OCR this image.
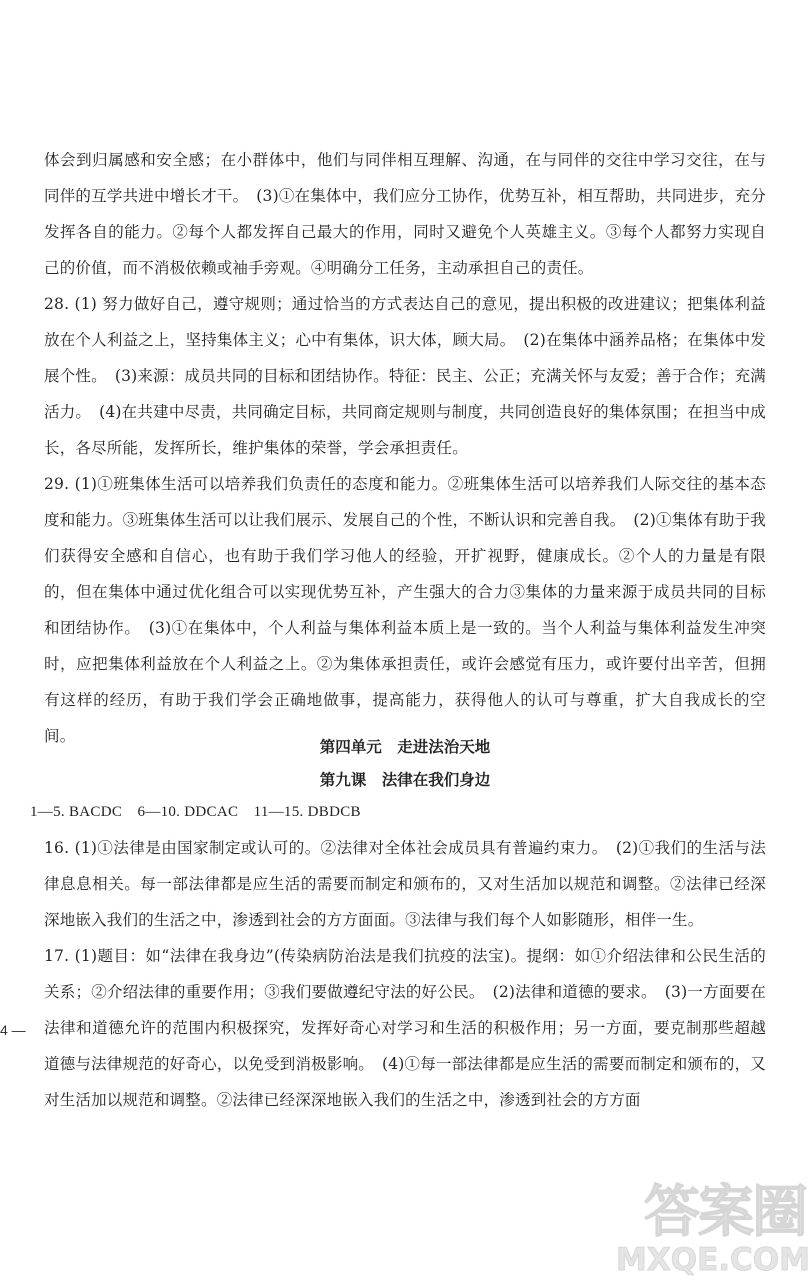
体会到归属感和安全感；在小群体中，他们与同伴相互理解、沟通，在与同伴的交往中学习交往，在与同伴的互学共进中增长才干。　(3)①在集体中，我们应分工协作，优势互补，相互帮助，共同进步，充分发挥各自的能力。②每个人都发挥自己最大的作用，同时又避免个人英雄主义。③每个人都努力实现自己的价值，而不消极依赖或袖手旁观。④明确分工任务，主动承担自己的责任。

28. (1) 努力做好自己，遵守规则；通过恰当的方式表达自己的意见，提出积极的改进建议；把集体利益放在个人利益之上，坚持集体主义；心中有集体，识大体，顾大局。　(2)在集体中涵养品格；在集体中发展个性。　(3)来源：成员共同的目标和团结协作。特征：民主、公正；充满关怀与友爱；善于合作；充满活力。　(4)在共建中尽责，共同确定目标，共同商定规则与制度，共同创造良好的集体氛围；在担当中成长，各尽所能，发挥所长，维护集体的荣誉，学会承担责任。

29. (1)①班集体生活可以培养我们负责任的态度和能力。②班集体生活可以培养我们人际交往的基本态度和能力。③班集体生活可以让我们展示、发展自己的个性，不断认识和完善自我。　(2)①集体有助于我们获得安全感和自信心，也有助于我们学习他人的经验，开扩视野，健康成长。②个人的力量是有限的，但在集体中通过优化组合可以实现优势互补，产生强大的合力③集体的力量来源于成员共同的目标和团结协作。　(3)①在集体中，个人利益与集体利益本质上是一致的。当个人利益与集体利益发生冲突时，应把集体利益放在个人利益之上。②为集体承担责任，或许会感觉有压力，或许要付出辛苦，但拥有这样的经历，有助于我们学会正确地做事，提高能力，获得他人的认可与尊重，扩大自我成长的空间。

第四单元　走进法治天地
第九课　法律在我们身边
1—5. BACDC　6—10. DDCAC　11—15. DBDCB

16. (1)①法律是由国家制定或认可的。②法律对全体社会成员具有普遍约束力。　(2)①我们的生活与法律息息相关。每一部法律都是应生活的需要而制定和颁布的，又对生活加以规范和调整。②法律已经深深地嵌入我们的生活之中，渗透到社会的方方面面。③法律与我们每个人如影随形，相伴一生。

17. (1)题目：如“法律在我身边”(传染病防治法是我们抗疫的法宝)。提纲：如①介绍法律和公民生活的关系；②介绍法律的重要作用；③我们要做遵纪守法的好公民。　(2)法律和道德的要求。　(3)一方面要在法律和道德允许的范围内积极探究，发挥好奇心对学习和生活的积极作用；另一方面，要克制那些超越道德与法律规范的好奇心，以免受到消极影响。　(4)①每一部法律都是应生活的需要而制定和颁布的，又对生活加以规范和调整。②法律已经深深地嵌入我们的生活之中，渗透到社会的方方面

4 —
答案圈
MXQE.COM
